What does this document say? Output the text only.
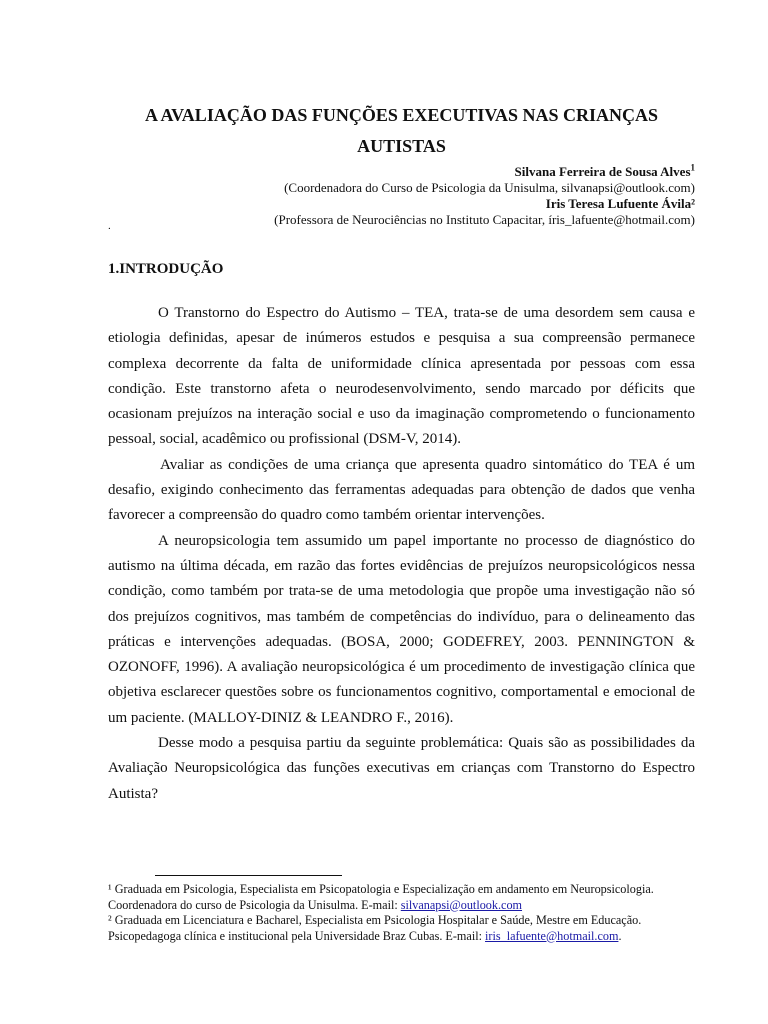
A AVALIAÇÃO DAS FUNÇÕES EXECUTIVAS NAS CRIANÇAS
AUTISTAS
Silvana Ferreira de Sousa Alves$^1$
(Coordenadora do Curso de Psicologia da Unisulma, silvanapsi@outlook.com)
Iris Teresa Lufuente Ávila²
(Professora de Neurociências no Instituto Capacitar, íris_lafuente@hotmail.com)
.
1.INTRODUÇÃO

O Transtorno do Espectro do Autismo – TEA, trata-se de uma desordem sem causa e etiologia definidas, apesar de inúmeros estudos e pesquisa a sua compreensão permanece complexa decorrente da falta de uniformidade clínica apresentada por pessoas com essa condição. Este transtorno afeta o neurodesenvolvimento, sendo marcado por déficits que ocasionam prejuízos na interação social e uso da imaginação comprometendo o funcionamento pessoal, social, acadêmico ou profissional (DSM-V, 2014).

Avaliar as condições de uma criança que apresenta quadro sintomático do TEA é um desafio, exigindo conhecimento das ferramentas adequadas para obtenção de dados que venha favorecer a compreensão do quadro como também orientar intervenções.

A neuropsicologia tem assumido um papel importante no processo de diagnóstico do autismo na última década, em razão das fortes evidências de prejuízos neuropsicológicos nessa condição, como também por trata-se de uma metodologia que propõe uma investigação não só dos prejuízos cognitivos, mas também de competências do indivíduo, para o delineamento das práticas e intervenções adequadas. (BOSA, 2000; GODEFREY, 2003. PENNINGTON & OZONOFF, 1996). A avaliação neuropsicológica é um procedimento de investigação clínica que objetiva esclarecer questões sobre os funcionamentos cognitivo, comportamental e emocional de um paciente. (MALLOY-DINIZ & LEANDRO F., 2016).

Desse modo a pesquisa partiu da seguinte problemática: Quais são as possibilidades da Avaliação Neuropsicológica das funções executivas em crianças com Transtorno do Espectro Autista?

¹ Graduada em Psicologia, Especialista em Psicopatologia e Especialização em andamento em Neuropsicologia.
Coordenadora do curso de Psicologia da Unisulma. E-mail: silvanapsi@outlook.com
² Graduada em Licenciatura e Bacharel, Especialista em Psicologia Hospitalar e Saúde, Mestre em Educação.
Psicopedagoga clínica e institucional pela Universidade Braz Cubas. E-mail: iris_lafuente@hotmail.com.
